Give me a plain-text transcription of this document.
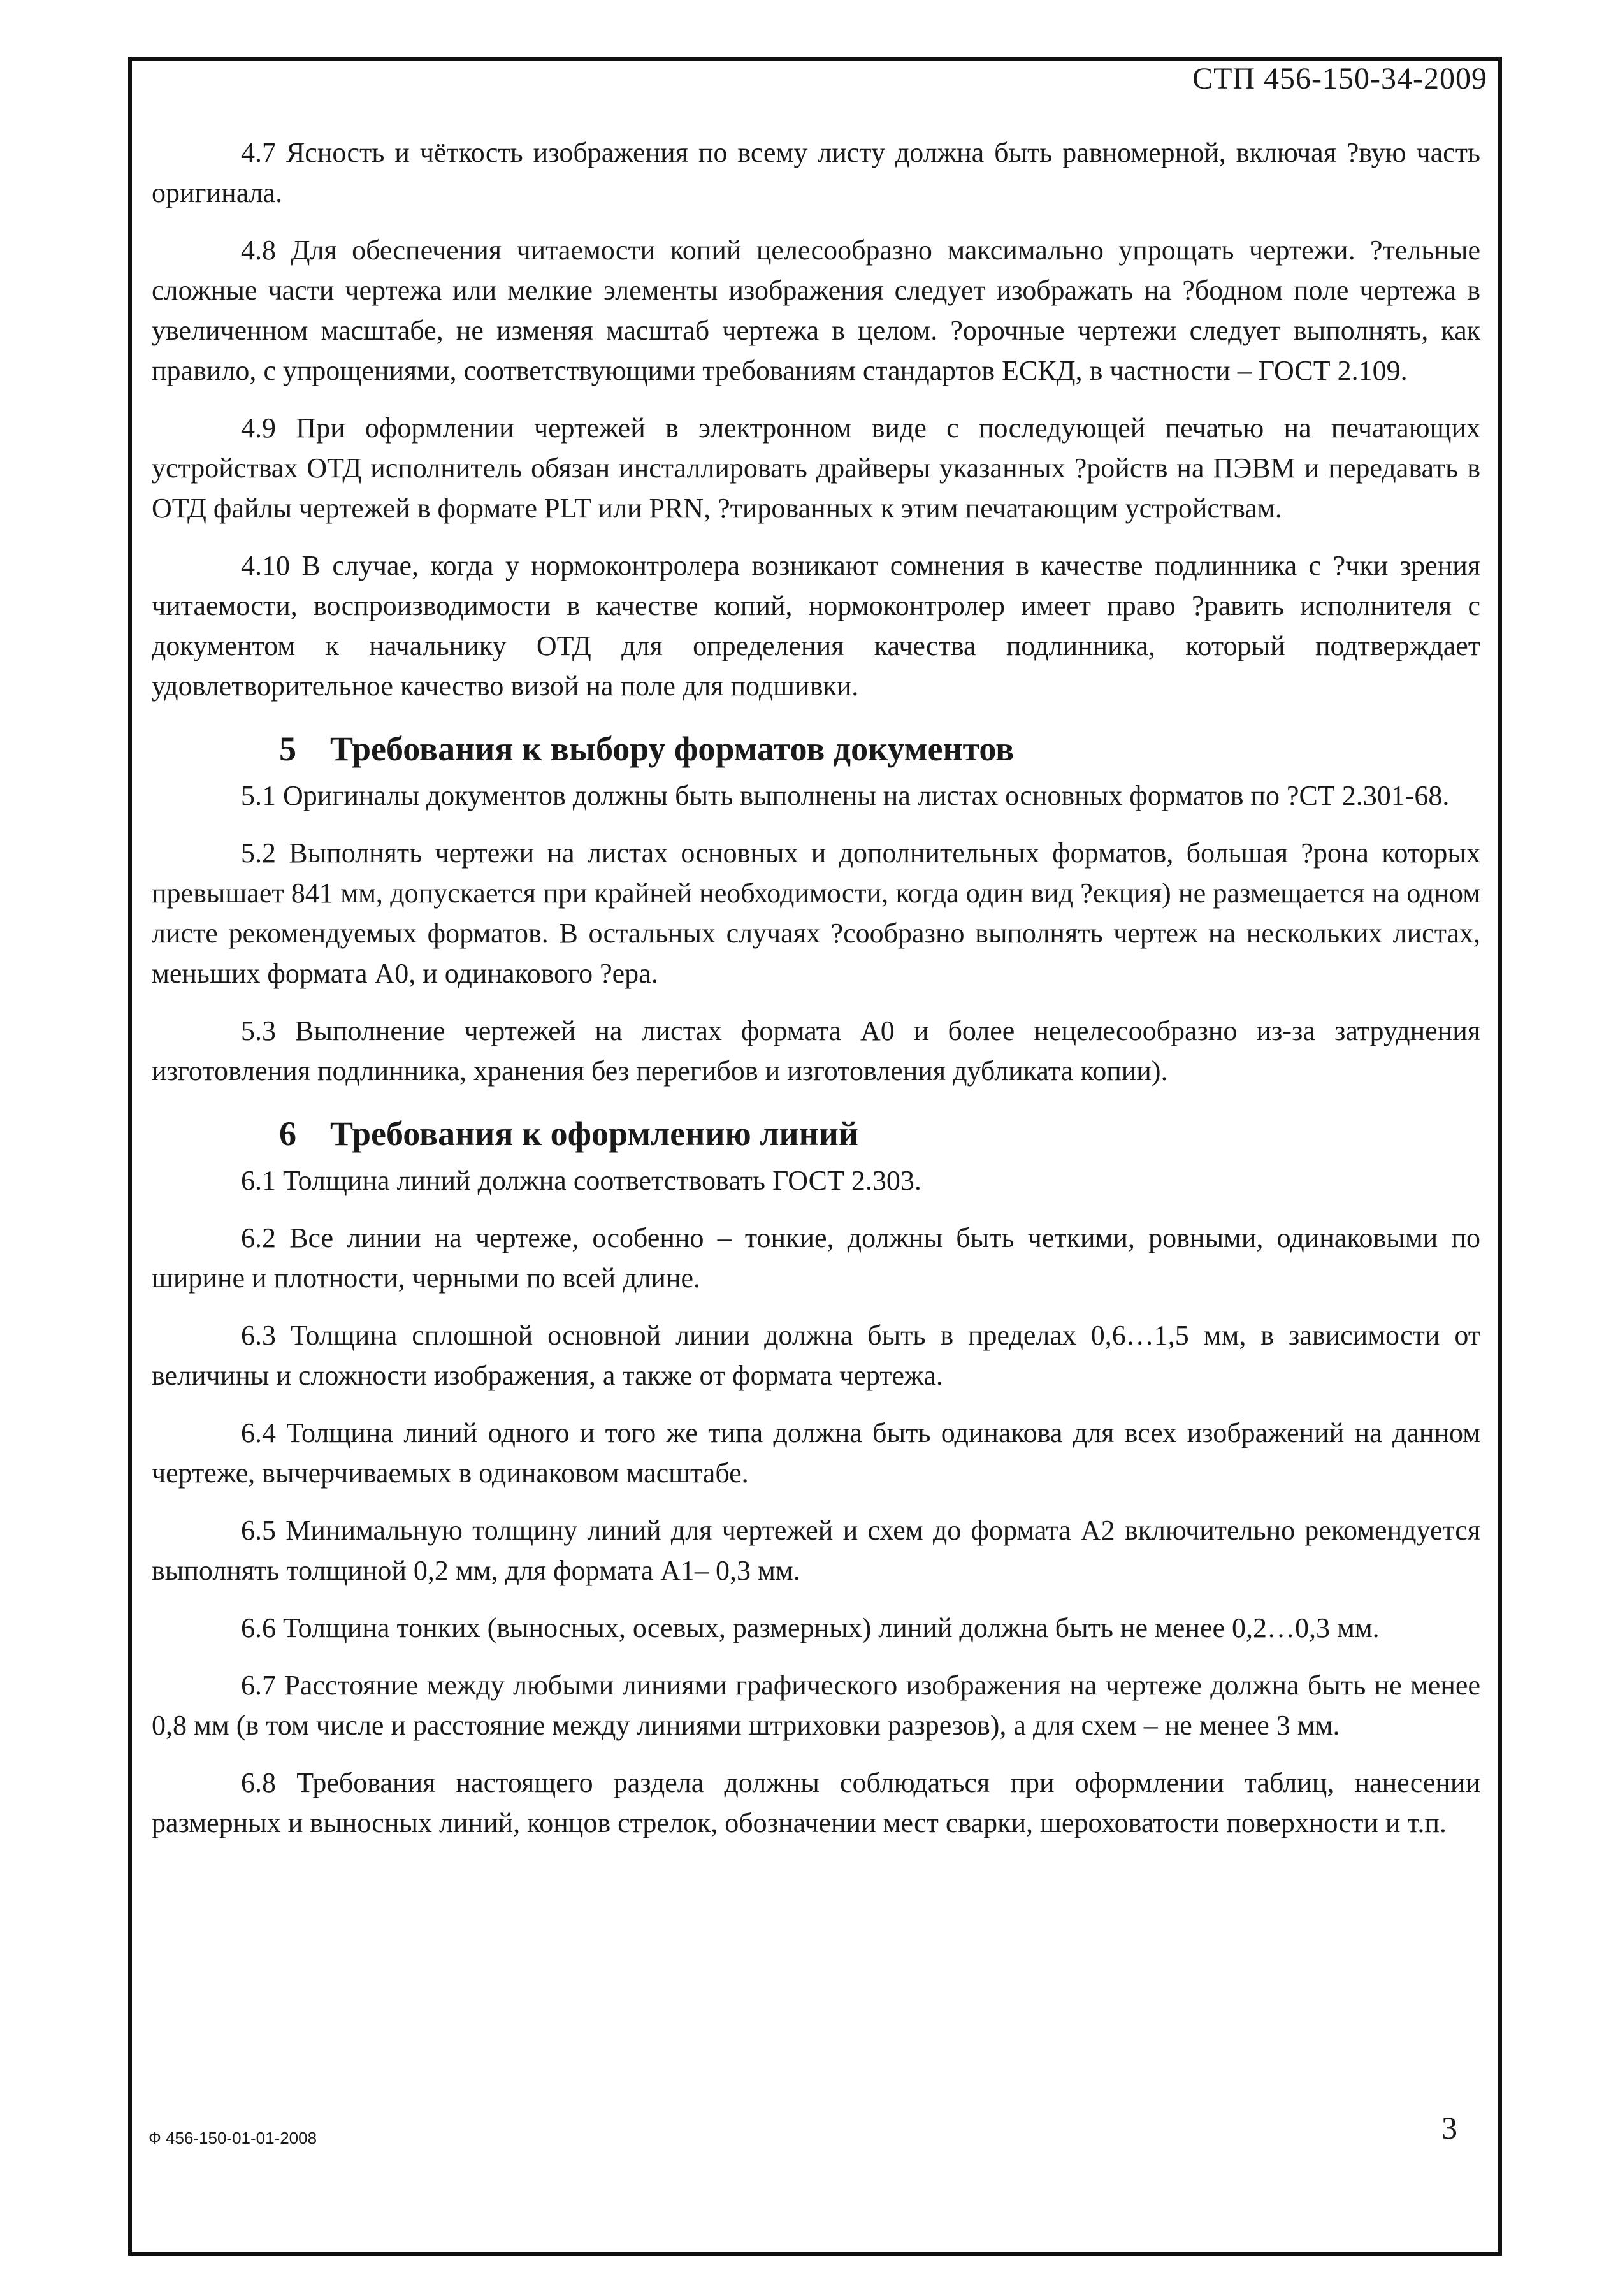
СТП 456-150-34-2009

4.7 Ясность и чёткость изображения по всему листу должна быть равномерной, включая ?вую часть оригинала.

4.8 Для обеспечения читаемости копий целесообразно максимально упрощать чертежи. ?тельные сложные части чертежа или мелкие элементы изображения следует изображать на ?бодном поле чертежа в увеличенном масштабе, не изменяя масштаб чертежа в целом. ?орочные чертежи следует выполнять, как правило, с упрощениями, соответствующими требованиям стандартов ЕСКД, в частности – ГОСТ 2.109.

4.9 При оформлении чертежей в электронном виде с последующей печатью на печатающих устройствах ОТД исполнитель обязан инсталлировать драйверы указанных ?ройств на ПЭВМ и передавать в ОТД файлы чертежей в формате PLT или PRN, ?тированных к этим печатающим устройствам.

4.10 В случае, когда у нормоконтролера возникают сомнения в качестве подлинника с ?чки зрения читаемости, воспроизводимости в качестве копий, нормоконтролер имеет право ?равить исполнителя с документом к начальнику ОТД для определения качества подлинника, который подтверждает удовлетворительное качество визой на поле для подшивки.

5 Требования к выбору форматов документов

5.1 Оригиналы документов должны быть выполнены на листах основных форматов по ?СТ 2.301-68.

5.2 Выполнять чертежи на листах основных и дополнительных форматов, большая ?рона которых превышает 841 мм, допускается при крайней необходимости, когда один вид ?екция) не размещается на одном листе рекомендуемых форматов. В остальных случаях ?сообразно выполнять чертеж на нескольких листах, меньших формата А0, и одинакового ?ера.

5.3 Выполнение чертежей на листах формата А0 и более нецелесообразно из-за затруднения изготовления подлинника, хранения без перегибов и изготовления дубликата копии).

6 Требования к оформлению линий

6.1 Толщина линий должна соответствовать ГОСТ 2.303.

6.2 Все линии на чертеже, особенно – тонкие, должны быть четкими, ровными, одинаковыми по ширине и плотности, черными по всей длине.

6.3 Толщина сплошной основной линии должна быть в пределах 0,6…1,5 мм, в зависимости от величины и сложности изображения, а также от формата чертежа.

6.4 Толщина линий одного и того же типа должна быть одинакова для всех изображений на данном чертеже, вычерчиваемых в одинаковом масштабе.

6.5 Минимальную толщину линий для чертежей и схем до формата А2 включительно рекомендуется выполнять толщиной 0,2 мм, для формата А1– 0,3 мм.

6.6 Толщина тонких (выносных, осевых, размерных) линий должна быть не менее 0,2…0,3 мм.

6.7 Расстояние между любыми линиями графического изображения на чертеже должна быть не менее 0,8 мм (в том числе и расстояние между линиями штриховки разрезов), а для схем – не менее 3 мм.

6.8 Требования настоящего раздела должны соблюдаться при оформлении таблиц, нанесении размерных и выносных линий, концов стрелок, обозначении мест сварки, шероховатости поверхности и т.п.

Ф 456-150-01-01-2008	3
